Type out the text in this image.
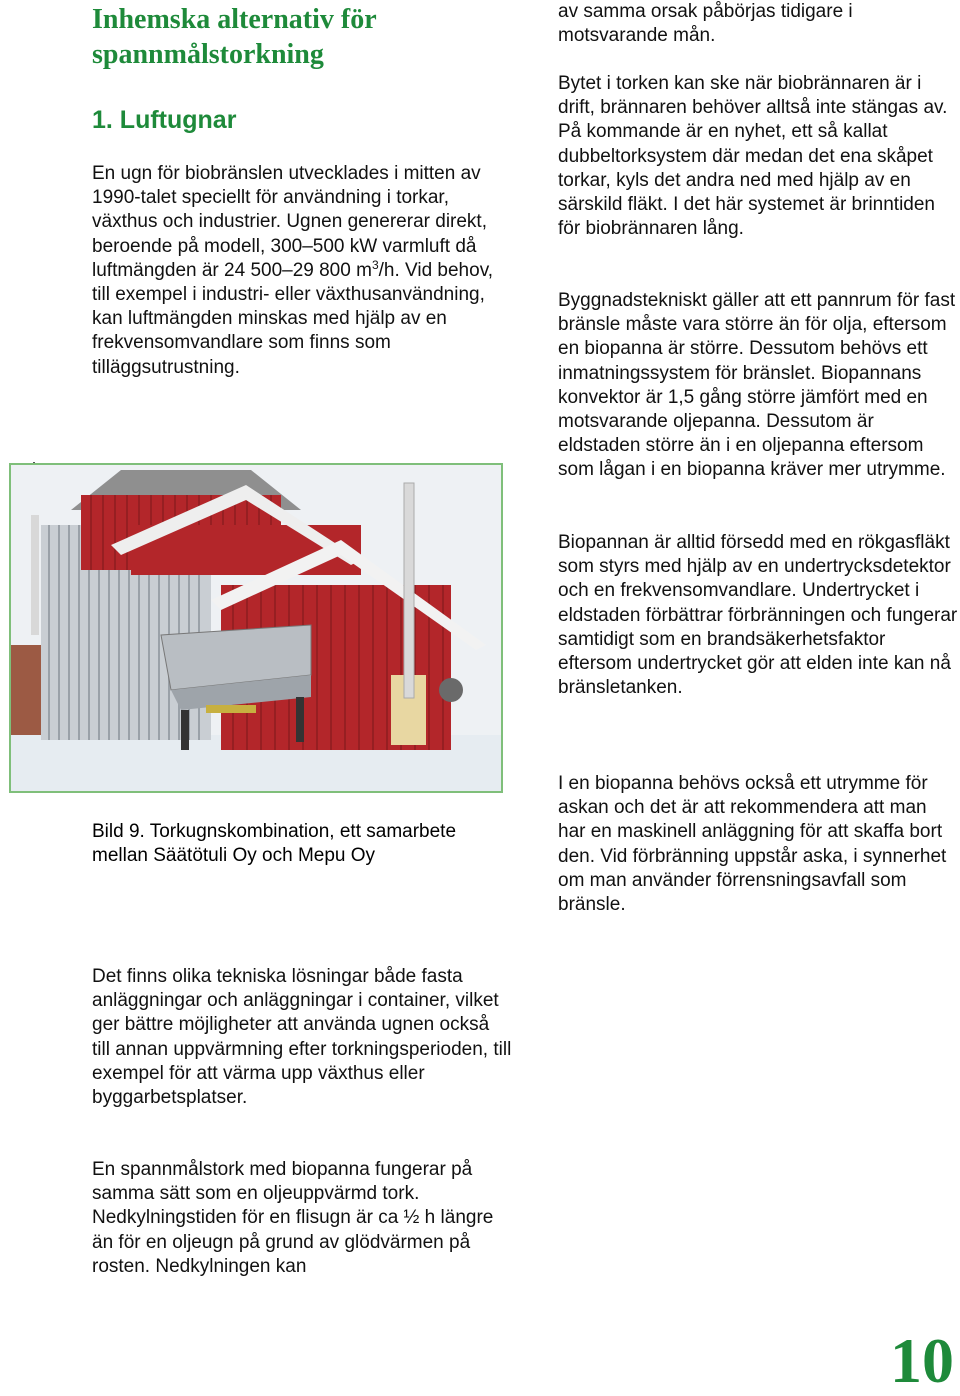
Inhemska alternativ för spannmålstorkning
1. Luftugnar

En ugn för biobränslen utvecklades i mitten av 1990-talet speciellt för användning i torkar, växthus och industrier. Ugnen genererar direkt, beroende på modell, 300–500 kW varmluft då luftmängden är 24 500–29 800 $m^3/h$. Vid behov, till exempel i industri- eller växthusanvändning, kan luftmängden minskas med hjälp av en frekvensomvandlare som finns som tilläggsutrustning.

Bild 9. Torkugnskombination, ett samarbete mellan Säätötuli Oy och Mepu Oy

Det finns olika tekniska lösningar både fasta anläggningar och anläggningar i container, vilket ger bättre möjligheter att använda ugnen också till annan uppvärmning efter torkningsperioden, till exempel för att värma upp växthus eller byggarbetsplatser.

En spannmålstork med biopanna fungerar på samma sätt som en oljeuppvärmd tork. Nedkylningstiden för en flisugn är ca ½ h längre än för en oljeugn på grund av glödvärmen på rosten. Nedkylningen kan

av samma orsak påbörjas tidigare i motsvarande mån.

Bytet i torken kan ske när biobrännaren är i drift, brännaren behöver alltså inte stängas av. På kommande är en nyhet, ett så kallat dubbeltorksystem där medan det ena skåpet torkar, kyls det andra ned med hjälp av en särskild fläkt. I det här systemet är brinntiden för biobrännaren lång.

Byggnadstekniskt gäller att ett pannrum för fast bränsle måste vara större än för olja, eftersom en biopanna är större. Dessutom behövs ett inmatningssystem för bränslet. Biopannans konvektor är 1,5 gång större jämfört med en motsvarande oljepanna. Dessutom är eldstaden större än i en oljepanna eftersom som lågan i en biopanna kräver mer utrymme.

Biopannan är alltid försedd med en rökgasfläkt som styrs med hjälp av en undertrycksdetektor och en frekvensomvandlare. Undertrycket i eldstaden förbättrar förbränningen och fungerar samtidigt som en brandsäkerhetsfaktor eftersom undertrycket gör att elden inte kan nå bränsletanken.

I en biopanna behövs också ett utrymme för askan och det är att rekommendera att man har en maskinell anläggning för att skaffa bort den. Vid förbränning uppstår aska, i synnerhet om man använder förrensningsavfall som bränsle.

10
